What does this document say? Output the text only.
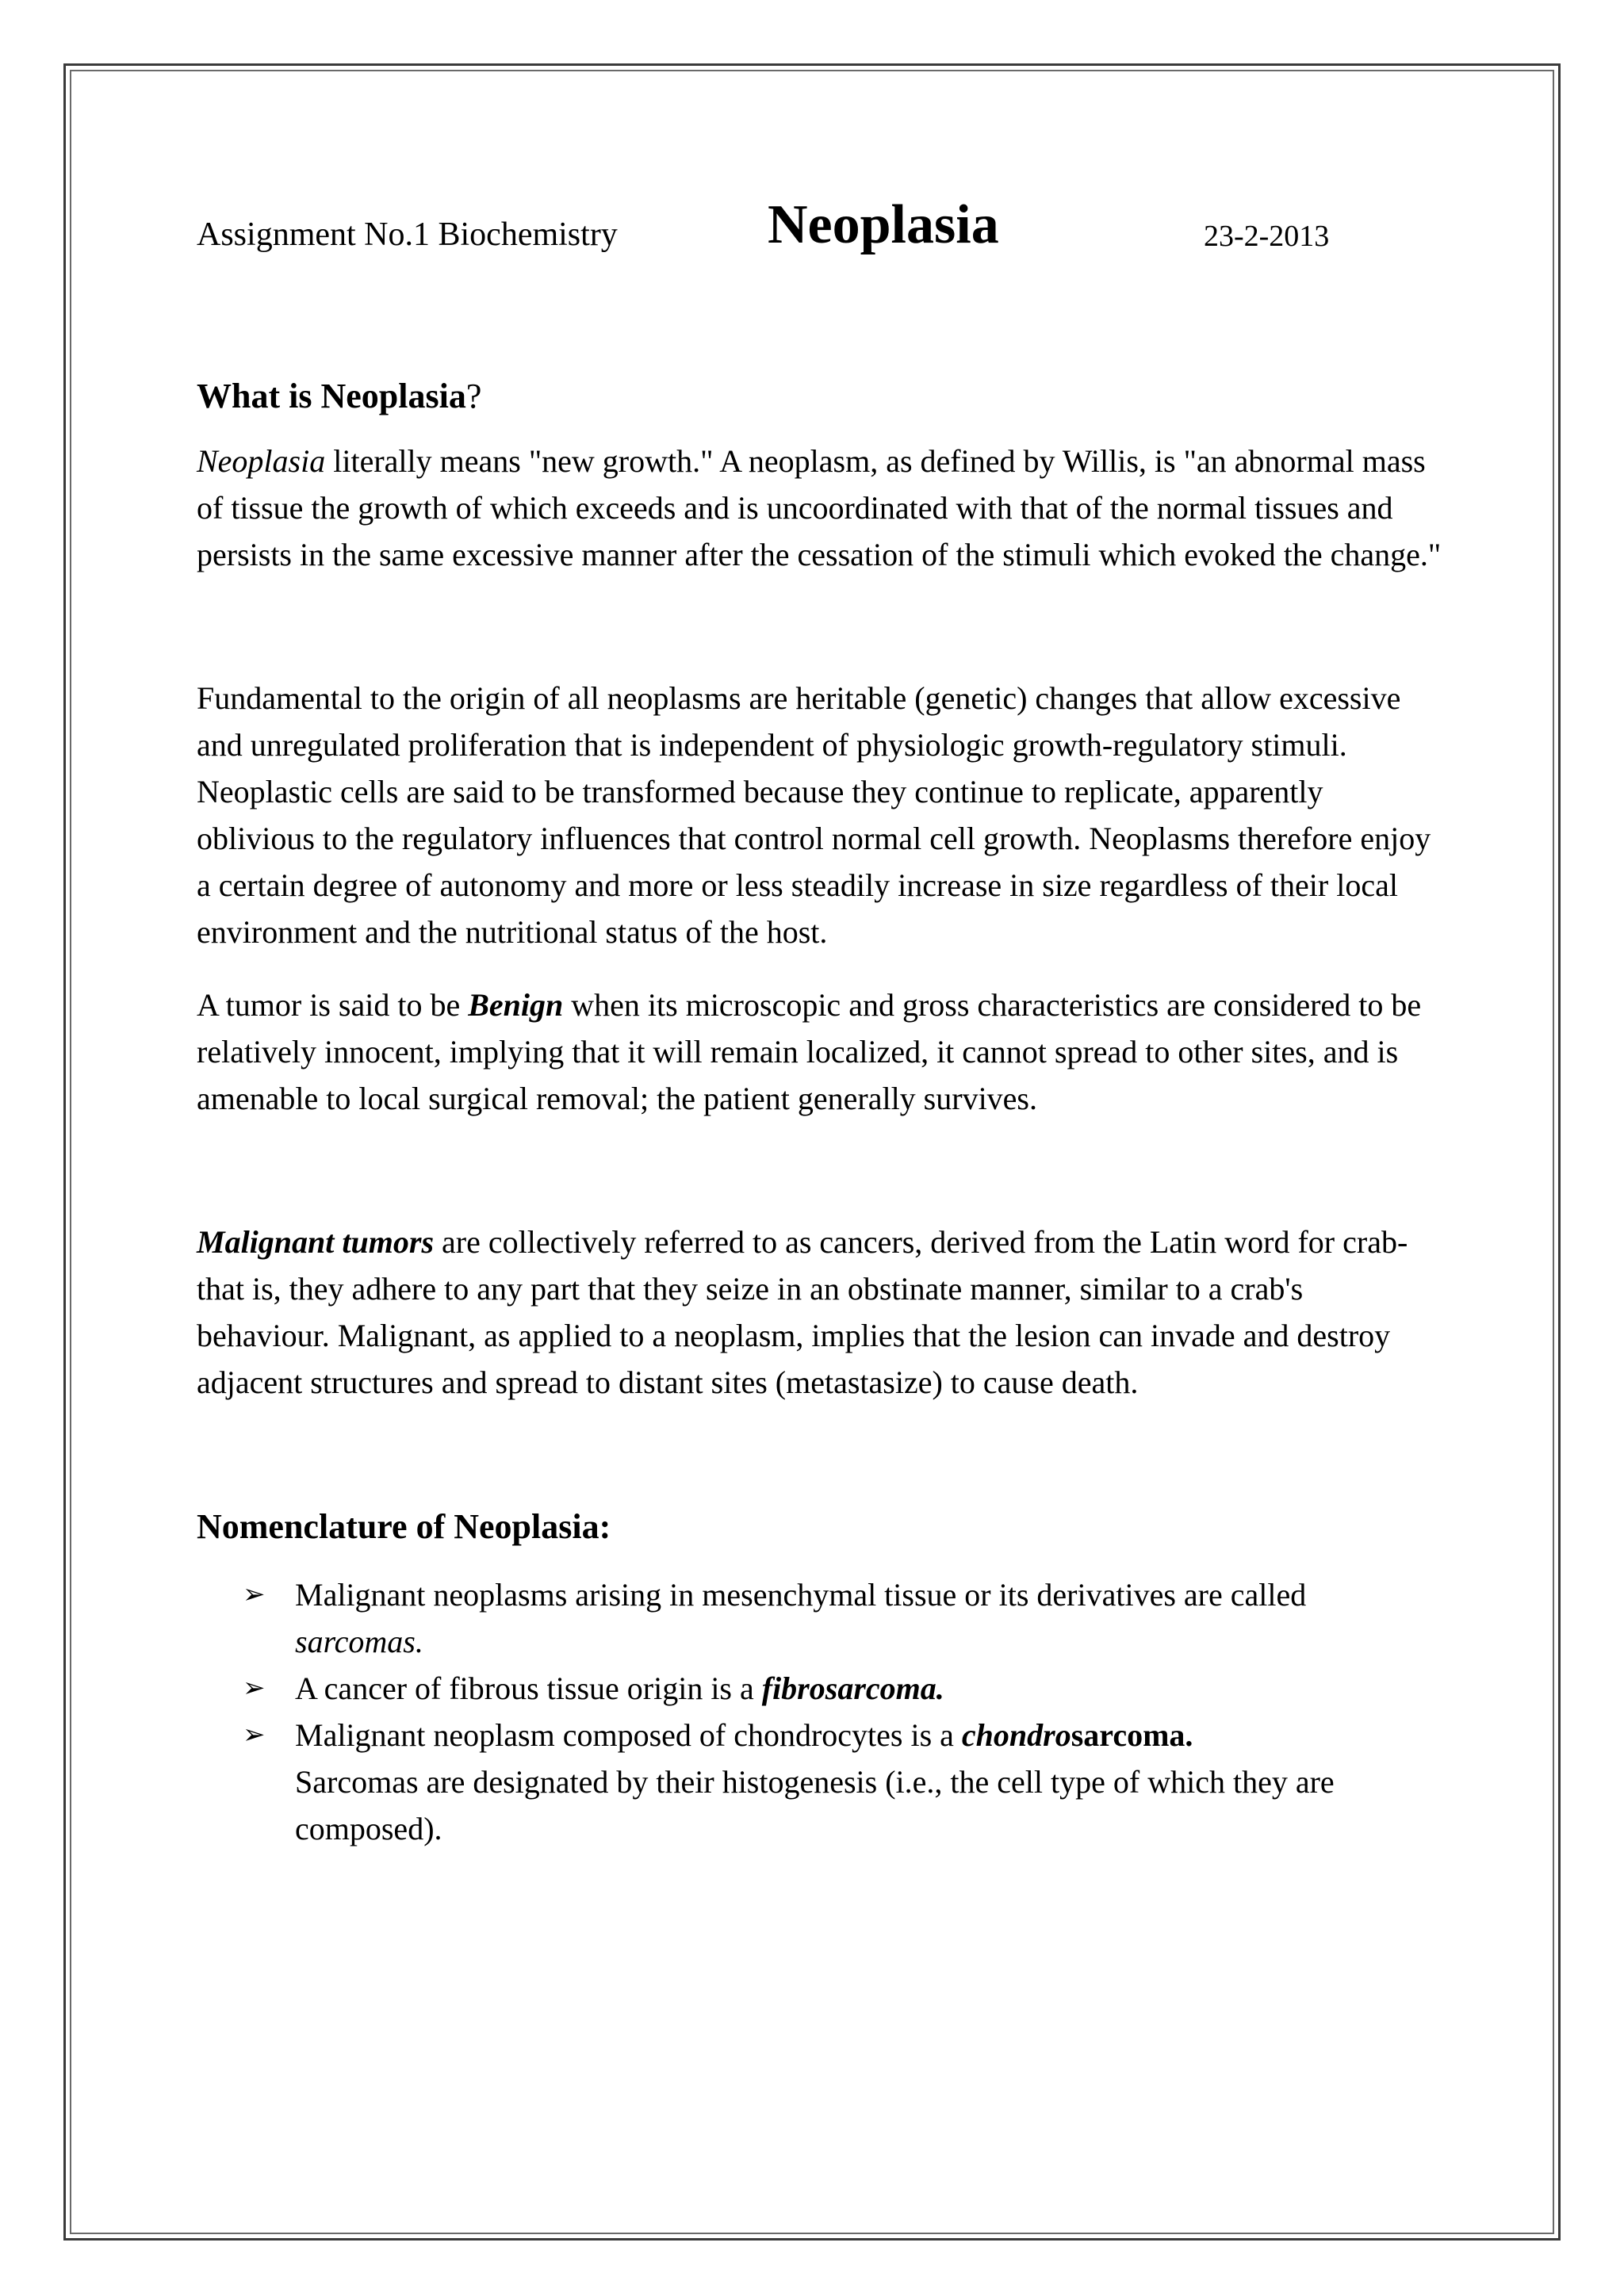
Assignment No.1 Biochemistry	Neoplasia	23-2-2013
What is Neoplasia?

Neoplasia literally means "new growth." A neoplasm, as defined by Willis, is "an abnormal mass of tissue the growth of which exceeds and is uncoordinated with that of the normal tissues and persists in the same excessive manner after the cessation of the stimuli which evoked the change."

Fundamental to the origin of all neoplasms are heritable (genetic) changes that allow excessive and unregulated proliferation that is independent of physiologic growth-regulatory stimuli. Neoplastic cells are said to be transformed because they continue to replicate, apparently oblivious to the regulatory influences that control normal cell growth. Neoplasms therefore enjoy a certain degree of autonomy and more or less steadily increase in size regardless of their local environment and the nutritional status of the host.

A tumor is said to be Benign when its microscopic and gross characteristics are considered to be relatively innocent, implying that it will remain localized, it cannot spread to other sites, and is amenable to local surgical removal; the patient generally survives.

Malignant tumors are collectively referred to as cancers, derived from the Latin word for crab-that is, they adhere to any part that they seize in an obstinate manner, similar to a crab's behaviour. Malignant, as applied to a neoplasm, implies that the lesion can invade and destroy adjacent structures and spread to distant sites (metastasize) to cause death.

Nomenclature of Neoplasia:
➢ Malignant neoplasms arising in mesenchymal tissue or its derivatives are called sarcomas.
➢ A cancer of fibrous tissue origin is a fibrosarcoma.
➢ Malignant neoplasm composed of chondrocytes is a chondrosarcoma.
Sarcomas are designated by their histogenesis (i.e., the cell type of which they are composed).
